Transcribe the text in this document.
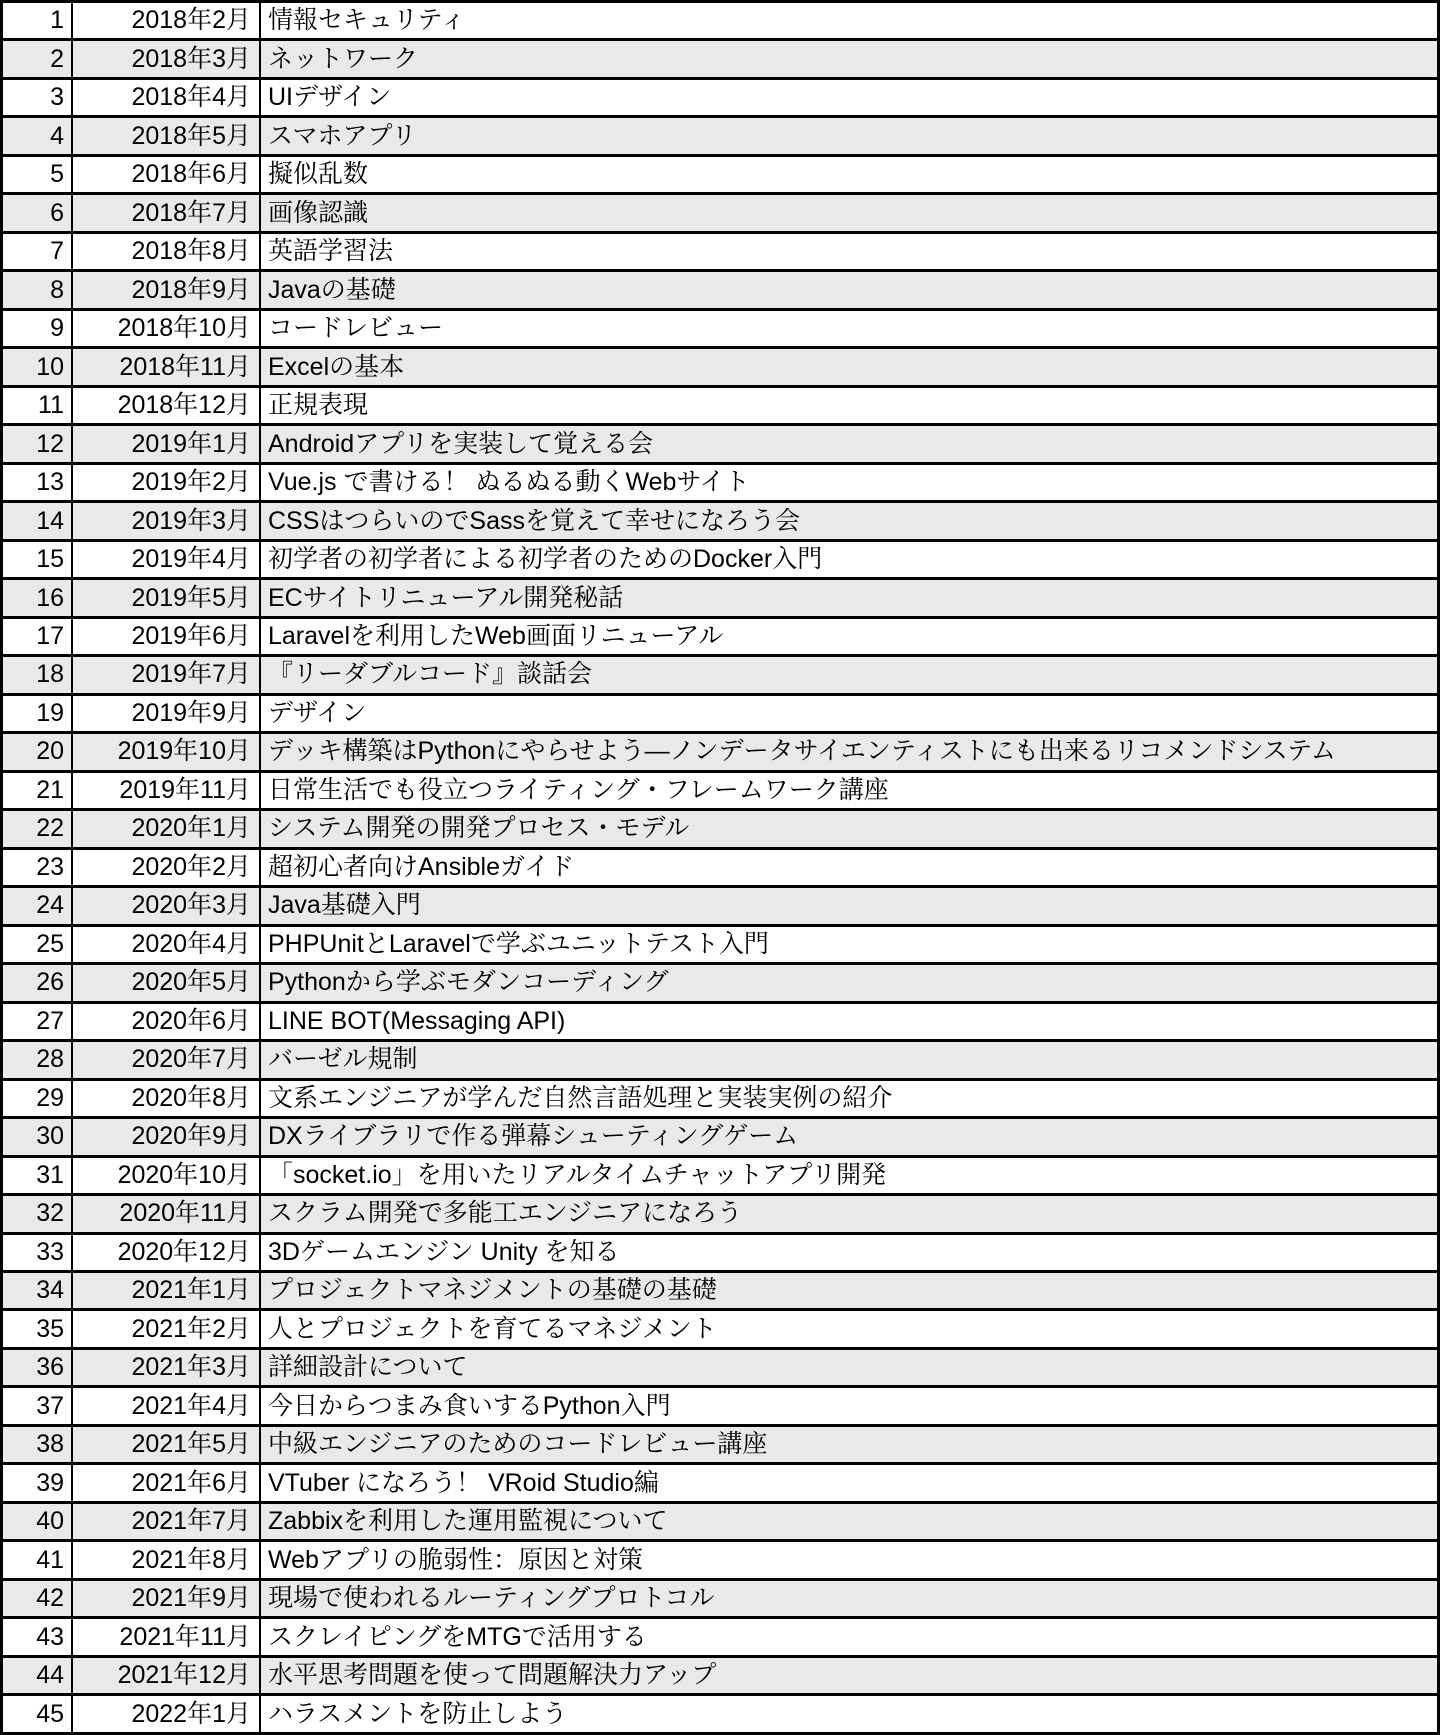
1	2018年2月 情報セキュリティ
2	2018年3月 ネットワーク
3	2018年4月 UIデザイン
4	2018年5月 スマホアプリ
5	2018年6月 擬似乱数
6	2018年7月 画像認識
7	2018年8月 英語学習法
8	2018年9月 Javaの基礎
9	2018年10月 コードレビュー
10	2018年11月 Excelの基本
11	2018年12月 正規表現
12	2019年1月 Androidアプリを実装して覚える会
13	2019年2月 Vue.js で書ける！ ぬるぬる動くWebサイト
14	2019年3月 CSSはつらいのでSassを覚えて幸せになろう会
15	2019年4月 初学者の初学者による初学者のためのDocker入門
16	2019年5月 ECサイトリニューアル開発秘話
17	2019年6月 Laravelを利用したWeb画面リニューアル
18	2019年7月 『リーダブルコード』談話会
19	2019年9月 デザイン
20	2019年10月 デッキ構築はPythonにやらせよう―ノンデータサイエンティストにも出来るリコメンドシステム
21	2019年11月 日常生活でも役立つライティング・フレームワーク講座
22	2020年1月 システム開発の開発プロセス・モデル
23	2020年2月 超初心者向けAnsibleガイド
24	2020年3月 Java基礎入門
25	2020年4月 PHPUnitとLaravelで学ぶユニットテスト入門
26	2020年5月 Pythonから学ぶモダンコーディング
27	2020年6月 LINE BOT(Messaging API)
28	2020年7月 バーゼル規制
29	2020年8月 文系エンジニアが学んだ自然言語処理と実装実例の紹介
30	2020年9月 DXライブラリで作る弾幕シューティングゲーム
31	2020年10月 「socket.io」を用いたリアルタイムチャットアプリ開発
32	2020年11月 スクラム開発で多能工エンジニアになろう
33	2020年12月 3Dゲームエンジン Unity を知る
34	2021年1月 プロジェクトマネジメントの基礎の基礎
35	2021年2月 人とプロジェクトを育てるマネジメント
36	2021年3月 詳細設計について
37	2021年4月 今日からつまみ食いするPython入門
38	2021年5月 中級エンジニアのためのコードレビュー講座
39	2021年6月 VTuber になろう！ VRoid Studio編
40	2021年7月 Zabbixを利用した運用監視について
41	2021年8月 Webアプリの脆弱性：原因と対策
42	2021年9月 現場で使われるルーティングプロトコル
43	2021年11月 スクレイピングをMTGで活用する
44	2021年12月 水平思考問題を使って問題解決力アップ
45	2022年1月 ハラスメントを防止しよう
